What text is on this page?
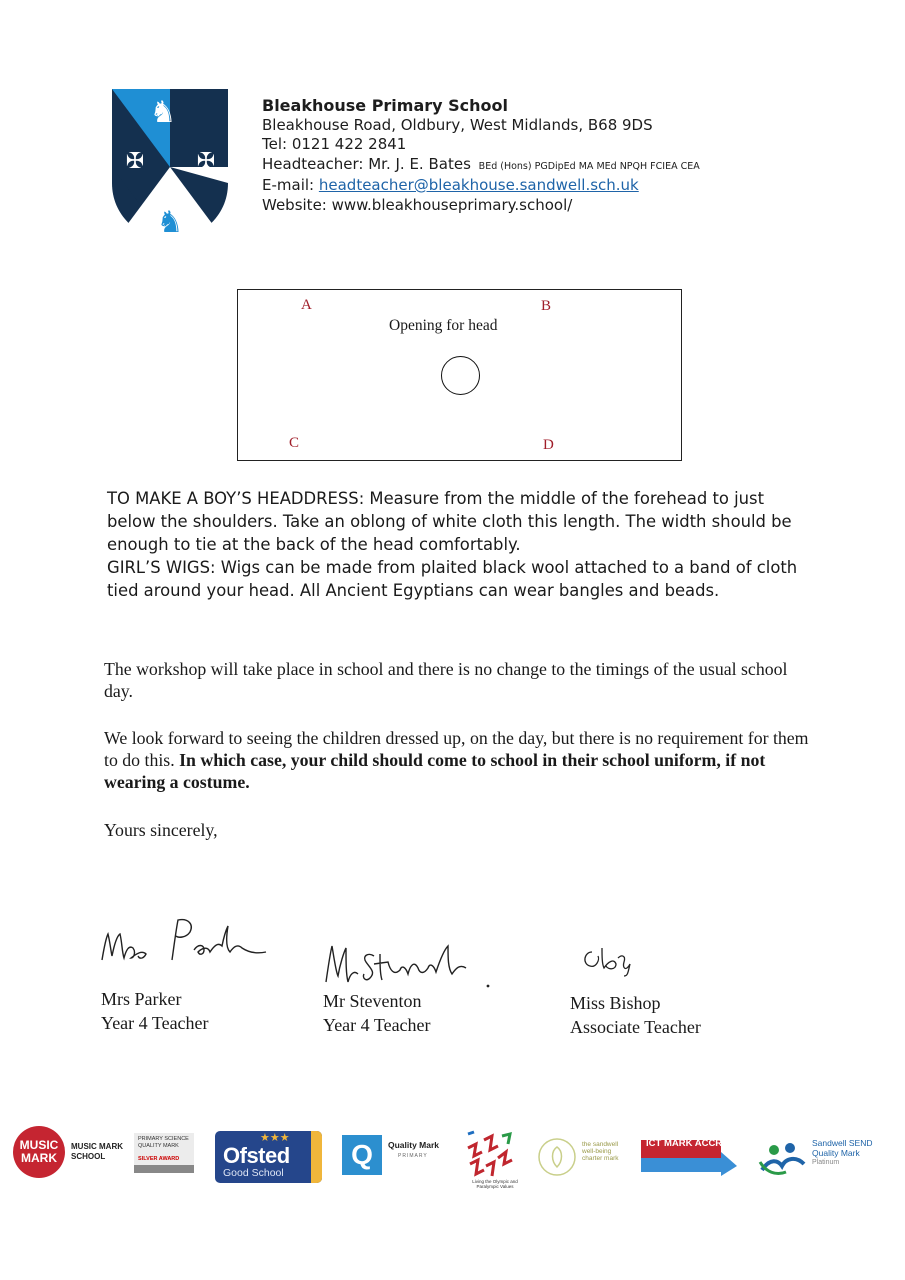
♞
♞
✠ ✠
Bleakhouse Primary School
Bleakhouse Road, Oldbury, West Midlands, B68 9DS
Tel: 0121 422 2841
Headteacher: Mr. J. E. Bates BEd (Hons) PGDipEd MA MEd NPQH FCIEA CEA
E-mail: headteacher@bleakhouse.sandwell.sch.uk
Website: www.bleakhouseprimary.school/
A	B
C	D
Opening for head
TO MAKE A BOY’S HEADDRESS: Measure from the middle of the forehead to just below the shoulders. Take an oblong of white cloth this length. The width should be enough to tie at the back of the head comfortably.
GIRL’S WIGS: Wigs can be made from plaited black wool attached to a band of cloth tied around your head. All Ancient Egyptians can wear bangles and beads.
The workshop will take place in school and there is no change to the timings of the usual school day.
We look forward to seeing the children dressed up, on the day, but there is no requirement for them to do this. In which case, your child should come to school in their school uniform, if not wearing a costume.
Yours sincerely,
Mrs Parker
Year 4 Teacher
Mr Steventon
Year 4 Teacher
Miss Bishop
Associate Teacher
MUSIC MARK
MUSIC MARK SCHOOL
PRIMARY SCIENCE QUALITY MARK
SILVER AWARD
★★★
Ofsted
Good School
Q	Quality Mark
PRIMARY
Living the Olympic and Paralympic Values
the sandwell well-being charter mark
ICT MARK ACCREDITED	Sandwell SEND Quality Mark
Platinum
